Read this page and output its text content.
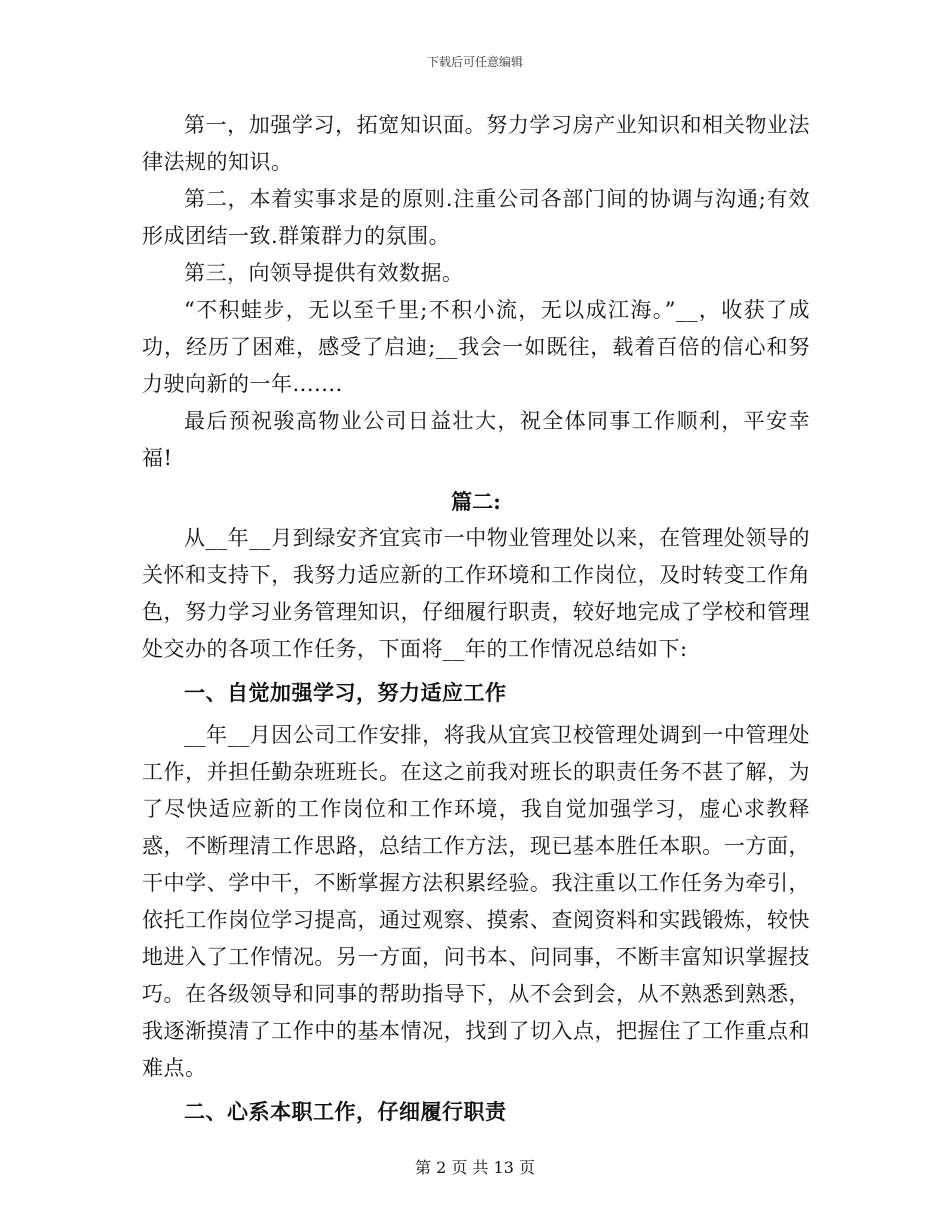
下载后可任意编辑

第一，加强学习，拓宽知识面。努力学习房产业知识和相关物业法律法规的知识。

第二，本着实事求是的原则.注重公司各部门间的协调与沟通;有效形成团结一致.群策群力的氛围。

第三，向领导提供有效数据。

“不积蛙步，无以至千里;不积小流，无以成江海。”__，收获了成功，经历了困难，感受了启迪;__我会一如既往，载着百倍的信心和努力驶向新的一年.......

最后预祝骏高物业公司日益壮大，祝全体同事工作顺利，平安幸福!

篇二:

从__年__月到绿安齐宜宾市一中物业管理处以来，在管理处领导的关怀和支持下，我努力适应新的工作环境和工作岗位，及时转变工作角色，努力学习业务管理知识，仔细履行职责，较好地完成了学校和管理处交办的各项工作任务，下面将__年的工作情况总结如下:

一、自觉加强学习，努力适应工作

__年__月因公司工作安排，将我从宜宾卫校管理处调到一中管理处工作，并担任勤杂班班长。在这之前我对班长的职责任务不甚了解，为了尽快适应新的工作岗位和工作环境，我自觉加强学习，虚心求教释惑，不断理清工作思路，总结工作方法，现已基本胜任本职。一方面，干中学、学中干，不断掌握方法积累经验。我注重以工作任务为牵引，依托工作岗位学习提高，通过观察、摸索、查阅资料和实践锻炼，较快地进入了工作情况。另一方面，问书本、问同事，不断丰富知识掌握技巧。在各级领导和同事的帮助指导下，从不会到会，从不熟悉到熟悉，我逐渐摸清了工作中的基本情况，找到了切入点，把握住了工作重点和难点。

二、心系本职工作，仔细履行职责

第 2 页 共 13 页
